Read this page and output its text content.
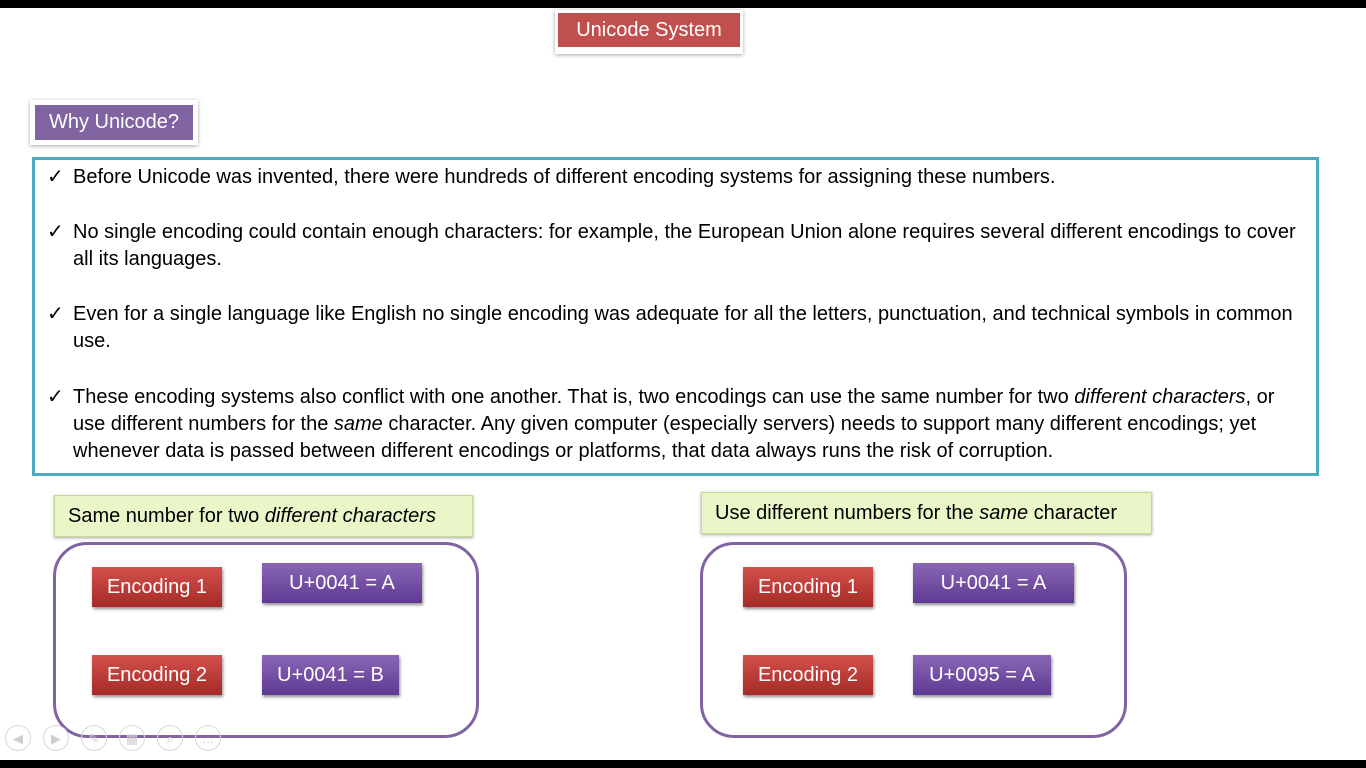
Unicode System
Why Unicode?
✓ Before Unicode was invented, there were hundreds of different encoding systems for assigning these numbers.
✓ No single encoding could contain enough characters: for example, the European Union alone requires several different encodings to cover all its languages.
✓ Even for a single language like English no single encoding was adequate for all the letters, punctuation, and technical symbols in common use.
✓ These encoding systems also conflict with one another. That is, two encodings can use the same number for two different characters, or use different numbers for the same character. Any given computer (especially servers) needs to support many different encodings; yet whenever data is passed between different encodings or platforms, that data always runs the risk of corruption.
Same number for two different characters
Encoding 1	U+0041 = A
Encoding 2	U+0041 = B
Use different numbers for the same character
Encoding 1	U+0041 = A
Encoding 2	U+0095 = A
◀	▶	✎	▦	⌕	…
